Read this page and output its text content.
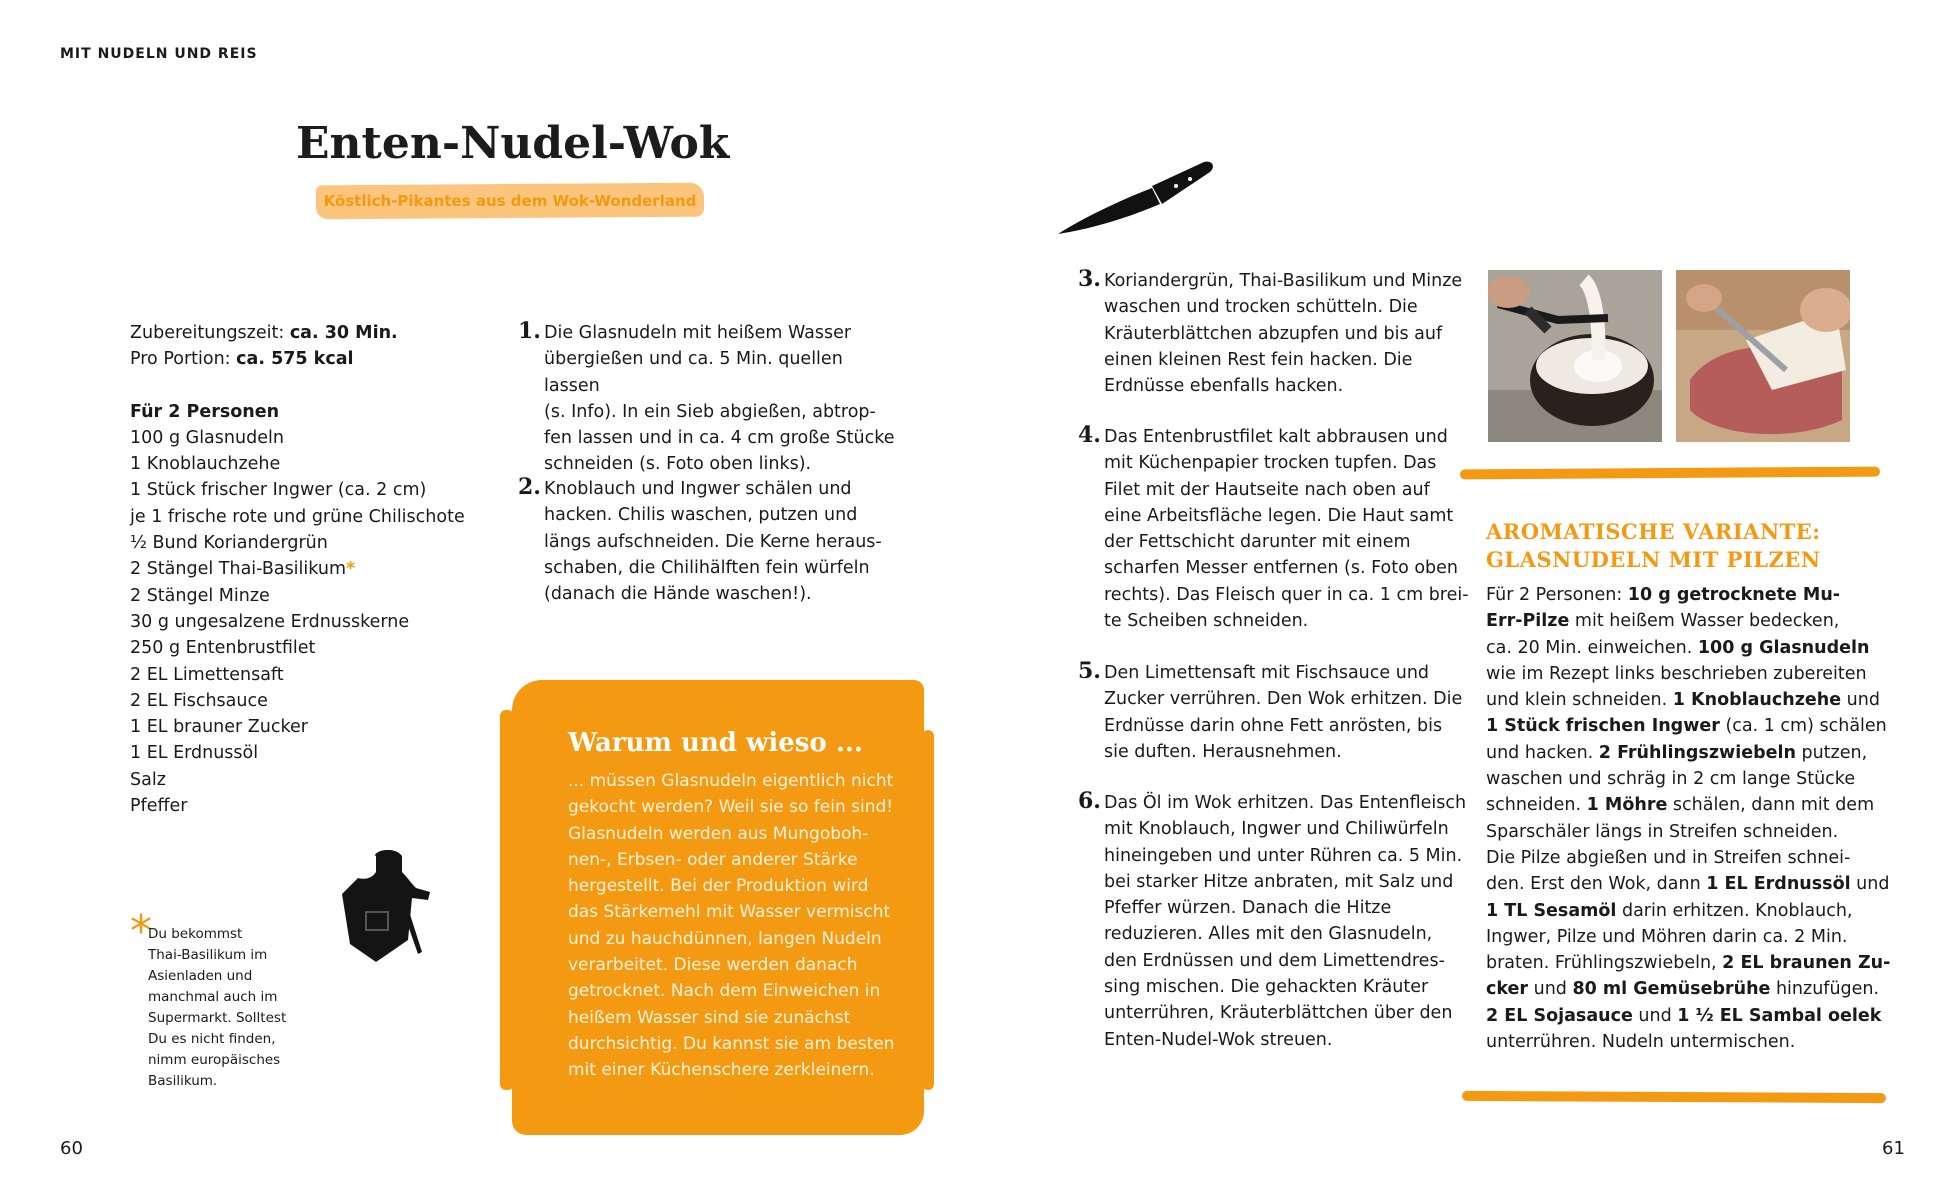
MIT NUDELN UND REIS
Enten-Nudel-Wok
Köstlich-Pikantes aus dem Wok-Wonderland
Zubereitungszeit: ca. 30 Min.
Pro Portion: ca. 575 kcal
Für 2 Personen
100 g Glasnudeln
1 Knoblauchzehe
1 Stück frischer Ingwer (ca. 2 cm)
je 1 frische rote und grüne Chilischote
½ Bund Koriandergrün
2 Stängel Thai-Basilikum*
2 Stängel Minze
30 g ungesalzene Erdnusskerne
250 g Entenbrustfilet
2 EL Limettensaft
2 EL Fischsauce
1 EL brauner Zucker
1 EL Erdnussöl
Salz
Pfeffer
1. Die Glasnudeln mit heißem Wasser
übergießen und ca. 5 Min. quellen lassen
(s. Info). In ein Sieb abgießen, abtrop-
fen lassen und in ca. 4 cm große Stücke
schneiden (s. Foto oben links).
2. Knoblauch und Ingwer schälen und
hacken. Chilis waschen, putzen und
längs aufschneiden. Die Kerne heraus-
schaben, die Chilihälften fein würfeln
(danach die Hände waschen!).
3. Koriandergrün, Thai-Basilikum und Minze
waschen und trocken schütteln. Die
Kräuterblättchen abzupfen und bis auf
einen kleinen Rest fein hacken. Die
Erdnüsse ebenfalls hacken.
4. Das Entenbrustfilet kalt abbrausen und
mit Küchenpapier trocken tupfen. Das
Filet mit der Hautseite nach oben auf
eine Arbeitsfläche legen. Die Haut samt
der Fettschicht darunter mit einem
scharfen Messer entfernen (s. Foto oben
rechts). Das Fleisch quer in ca. 1 cm brei-
te Scheiben schneiden.
5. Den Limettensaft mit Fischsauce und
Zucker verrühren. Den Wok erhitzen. Die
Erdnüsse darin ohne Fett anrösten, bis
sie duften. Herausnehmen.
6. Das Öl im Wok erhitzen. Das Entenfleisch
mit Knoblauch, Ingwer und Chiliwürfeln
hineingeben und unter Rühren ca. 5 Min.
bei starker Hitze anbraten, mit Salz und
Pfeffer würzen. Danach die Hitze
reduzieren. Alles mit den Glasnudeln,
den Erdnüssen und dem Limettendres-
sing mischen. Die gehackten Kräuter
unterrühren, Kräuterblättchen über den
Enten-Nudel-Wok streuen.
Warum und wieso ...
... müssen Glasnudeln eigentlich nicht
gekocht werden? Weil sie so fein sind!
Glasnudeln werden aus Mungoboh-
nen-, Erbsen- oder anderer Stärke
hergestellt. Bei der Produktion wird
das Stärkemehl mit Wasser vermischt
und zu hauchdünnen, langen Nudeln
verarbeitet. Diese werden danach
getrocknet. Nach dem Einweichen in
heißem Wasser sind sie zunächst
durchsichtig. Du kannst sie am besten
mit einer Küchenschere zerkleinern.
*
Du bekommst
Thai-Basilikum im
Asienladen und
manchmal auch im
Supermarkt. Solltest
Du es nicht finden,
nimm europäisches
Basilikum.
AROMATISCHE VARIANTE:
GLASNUDELN MIT PILZEN
Für 2 Personen: 10 g getrocknete Mu-
Err-Pilze mit heißem Wasser bedecken,
ca. 20 Min. einweichen. 100 g Glasnudeln
wie im Rezept links beschrieben zubereiten
und klein schneiden. 1 Knoblauchzehe und
1 Stück frischen Ingwer (ca. 1 cm) schälen
und hacken. 2 Frühlingszwiebeln putzen,
waschen und schräg in 2 cm lange Stücke
schneiden. 1 Möhre schälen, dann mit dem
Sparschäler längs in Streifen schneiden.
Die Pilze abgießen und in Streifen schnei-
den. Erst den Wok, dann 1 EL Erdnussöl und
1 TL Sesamöl darin erhitzen. Knoblauch,
Ingwer, Pilze und Möhren darin ca. 2 Min.
braten. Frühlingszwiebeln, 2 EL braunen Zu-
cker und 80 ml Gemüsebrühe hinzufügen.
2 EL Sojasauce und 1 ½ EL Sambal oelek
unterrühren. Nudeln untermischen.
60	61
